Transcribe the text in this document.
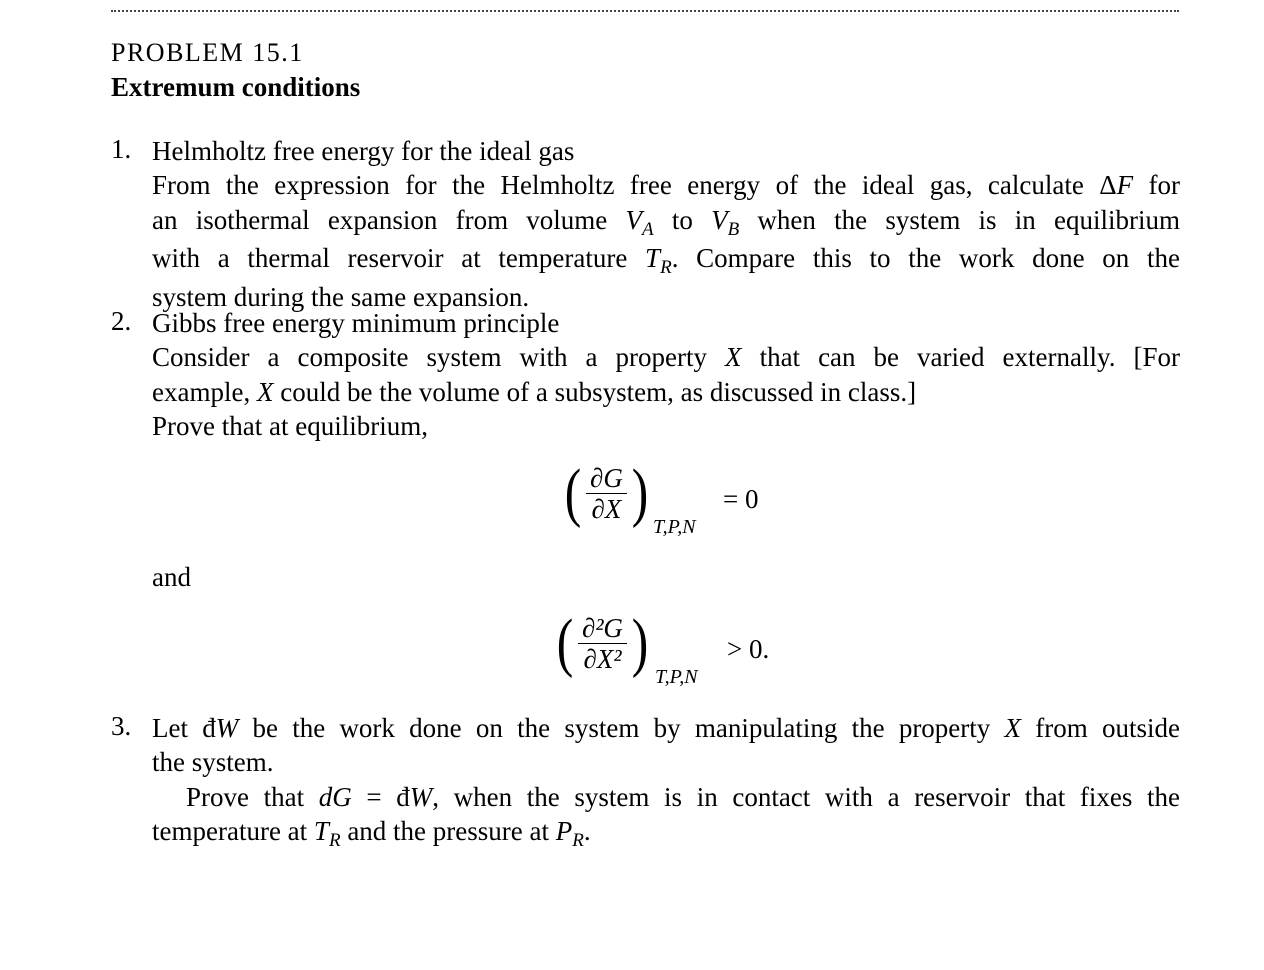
PROBLEM 15.1
Extremum conditions
1. Helmholtz free energy for the ideal gas
From the expression for the Helmholtz free energy of the ideal gas, calculate ΔF for
an isothermal expansion from volume $V_A$ to $V_B$ when the system is in equilibrium
with a thermal reservoir at temperature $T_R$. Compare this to the work done on the
system during the same expansion.
2. Gibbs free energy minimum principle
Consider a composite system with a property X that can be varied externally. [For
example, X could be the volume of a subsystem, as discussed in class.]
Prove that at equilibrium,
( $\frac{\partial G}{\partial X}$ ) T,P,N
= 0
and
( $\frac{\text{∂²G}}{\text{∂X²}}$ ) T,P,N
> 0.
3. Let đW be the work done on the system by manipulating the property X from outside
the system.
Prove that dG = đW, when the system is in contact with a reservoir that fixes the
temperature at $T_R$ and the pressure at $P_R$.
